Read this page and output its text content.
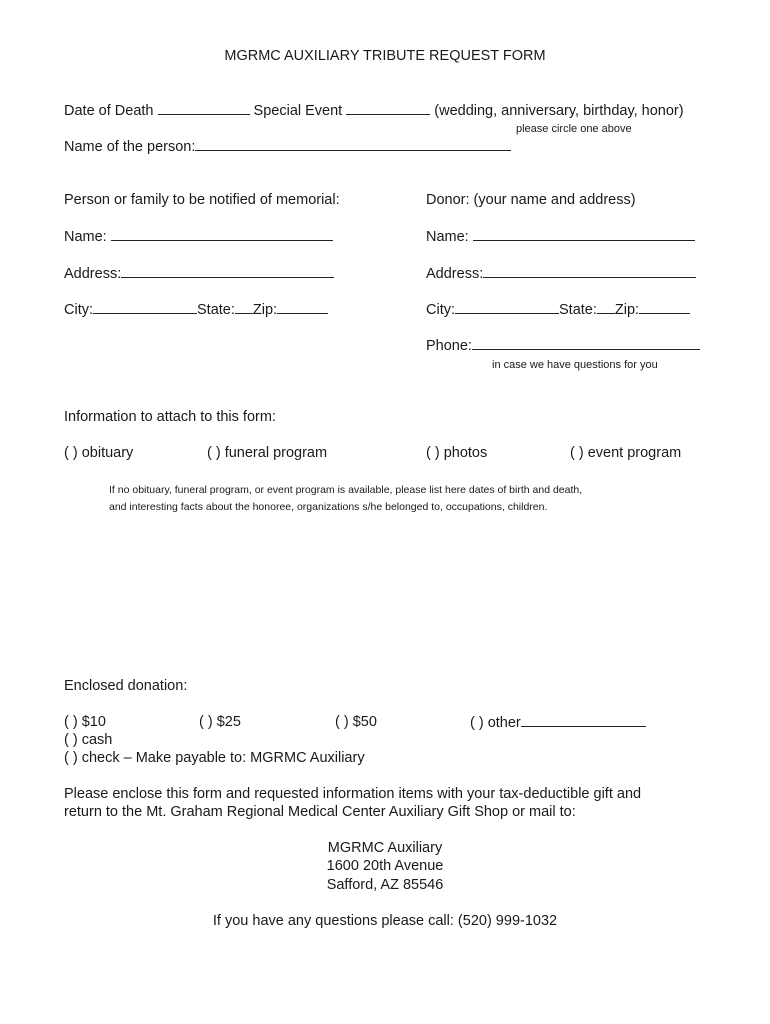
MGRMC AUXILIARY TRIBUTE REQUEST FORM
Date of Death	Special Event	(wedding, anniversary, birthday, honor)
please circle one above
Name of the person:
Person or family to be notified of memorial:
Name:
Address:
City:	State: Zip:
Donor: (your name and address)
Name:
Address:
City:	State: Zip:
Phone:
in case we have questions for you
Information to attach to this form:
( ) obituary	( ) funeral program	( ) photos	( ) event program
If no obituary, funeral program, or event program is available, please list here dates of birth and death,
and interesting facts about the honoree, organizations s/he belonged to, occupations, children.
Enclosed donation:
( ) $10	( ) $25	( ) $50	( ) other
( ) cash
( ) check – Make payable to: MGRMC Auxiliary
Please enclose this form and requested information items with your tax-deductible gift and
return to the Mt. Graham Regional Medical Center Auxiliary Gift Shop or mail to:
MGRMC Auxiliary
1600 20th Avenue
Safford, AZ 85546
If you have any questions please call: (520) 999-1032
